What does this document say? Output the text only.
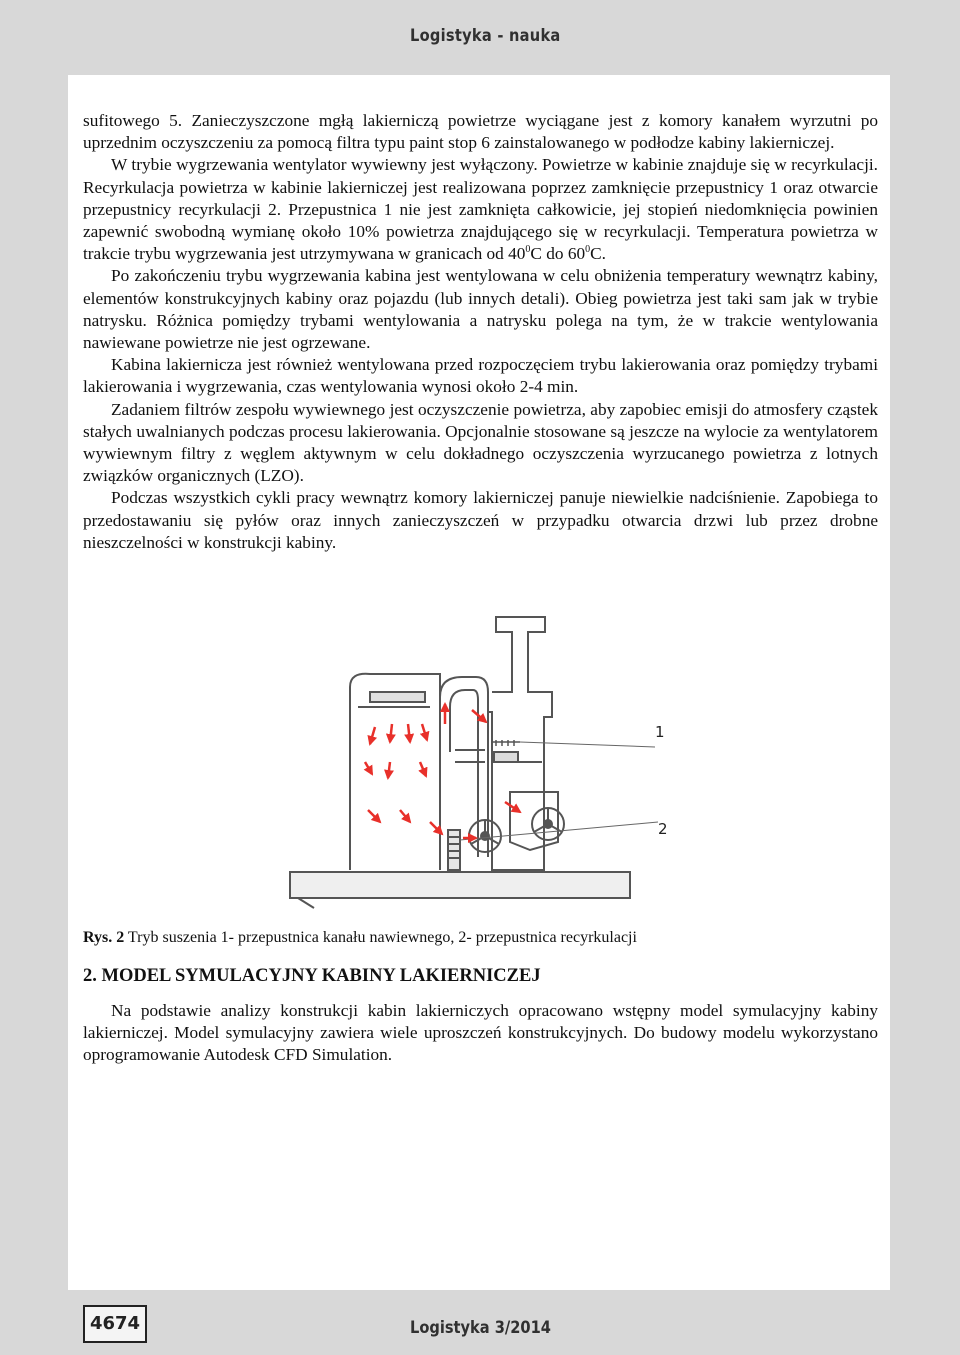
Logistyka - nauka

sufitowego 5. Zanieczyszczone mgłą lakierniczą powietrze wyciągane jest z komory kanałem wyrzutni po uprzednim oczyszczeniu za pomocą filtra typu paint stop 6 zainstalowanego w podłodze kabiny lakierniczej.

W trybie wygrzewania wentylator wywiewny jest wyłączony. Powietrze w kabinie znajduje się w recyrkulacji. Recyrkulacja powietrza w kabinie lakierniczej jest realizowana poprzez zamknięcie przepustnicy 1 oraz otwarcie przepustnicy recyrkulacji 2. Przepustnica 1 nie jest zamknięta całkowicie, jej stopień niedomknięcia powinien zapewnić swobodną wymianę około 10% powietrza znajdującego się w recyrkulacji. Temperatura powietrza w trakcie trybu wygrzewania jest utrzymywana w granicach od $40^0C$ do $60^0C$.

Po zakończeniu trybu wygrzewania kabina jest wentylowana w celu obniżenia temperatury wewnątrz kabiny, elementów konstrukcyjnych kabiny oraz pojazdu (lub innych detali). Obieg powietrza jest taki sam jak w trybie natrysku. Różnica pomiędzy trybami wentylowania a natrysku polega na tym, że w trakcie wentylowania nawiewane powietrze nie jest ogrzewane.

Kabina lakiernicza jest również wentylowana przed rozpoczęciem trybu lakierowania oraz pomiędzy trybami lakierowania i wygrzewania, czas wentylowania wynosi około 2-4 min.

Zadaniem filtrów zespołu wywiewnego jest oczyszczenie powietrza, aby zapobiec emisji do atmosfery cząstek stałych uwalnianych podczas procesu lakierowania. Opcjonalnie stosowane są jeszcze na wylocie za wentylatorem wywiewnym filtry z węglem aktywnym w celu dokładnego oczyszczenia wyrzucanego powietrza z lotnych związków organicznych (LZO).

Podczas wszystkich cykli pracy wewnątrz komory lakierniczej panuje niewielkie nadciśnienie. Zapobiega to przedostawaniu się pyłów oraz innych zanieczyszczeń w przypadku otwarcia drzwi lub przez drobne nieszczelności w konstrukcji kabiny.

1
2
Rys. 2 Tryb suszenia 1- przepustnica kanału nawiewnego, 2- przepustnica recyrkulacji
2. MODEL SYMULACYJNY KABINY LAKIERNICZEJ

Na podstawie analizy konstrukcji kabin lakierniczych opracowano wstępny model symulacyjny kabiny lakierniczej. Model symulacyjny zawiera wiele uproszczeń konstrukcyjnych. Do budowy modelu wykorzystano oprogramowanie Autodesk CFD Simulation.

4674	Logistyka 3/2014
